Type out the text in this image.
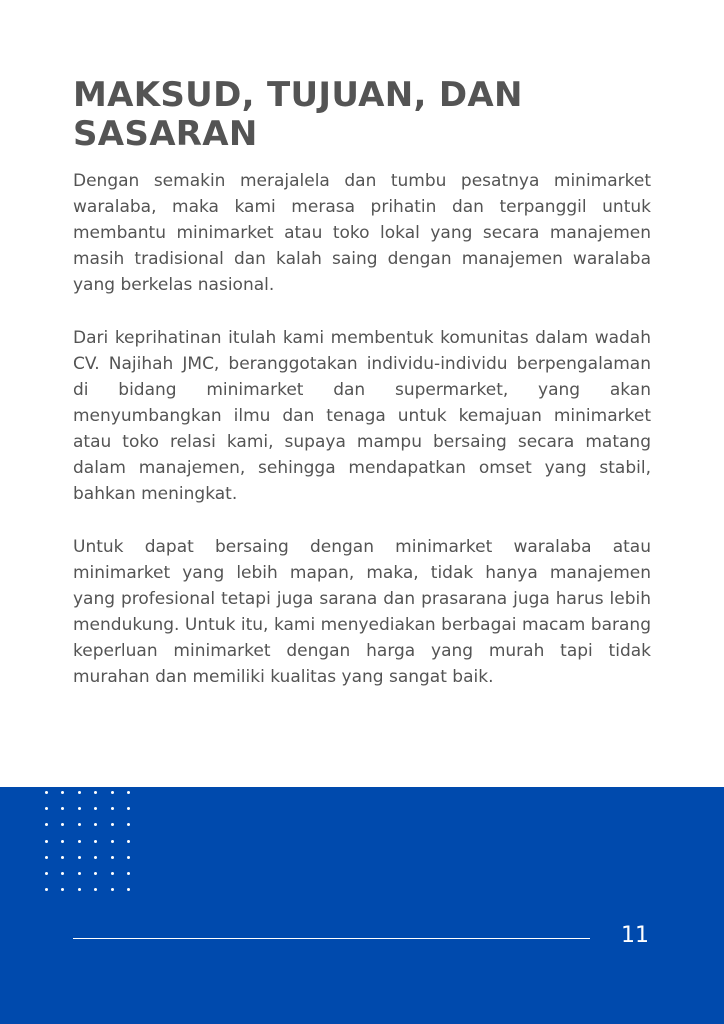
MAKSUD, TUJUAN, DAN
SASARAN

Dengan semakin merajalela dan tumbu pesatnya minimarket waralaba, maka kami merasa prihatin dan terpanggil untuk membantu minimarket atau toko lokal yang secara manajemen masih tradisional dan kalah saing dengan manajemen waralaba yang berkelas nasional.

Dari keprihatinan itulah kami membentuk komunitas dalam wadah CV. Najihah JMC, beranggotakan individu-individu berpengalaman di bidang minimarket dan supermarket, yang akan menyumbangkan ilmu dan tenaga untuk kemajuan minimarket atau toko relasi kami, supaya mampu bersaing secara matang dalam manajemen, sehingga mendapatkan omset yang stabil, bahkan meningkat.

Untuk dapat bersaing dengan minimarket waralaba atau minimarket yang lebih mapan, maka, tidak hanya manajemen yang profesional tetapi juga sarana dan prasarana juga harus lebih mendukung. Untuk itu, kami menyediakan berbagai macam barang keperluan minimarket dengan harga yang murah tapi tidak murahan dan memiliki kualitas yang sangat baik.

11
